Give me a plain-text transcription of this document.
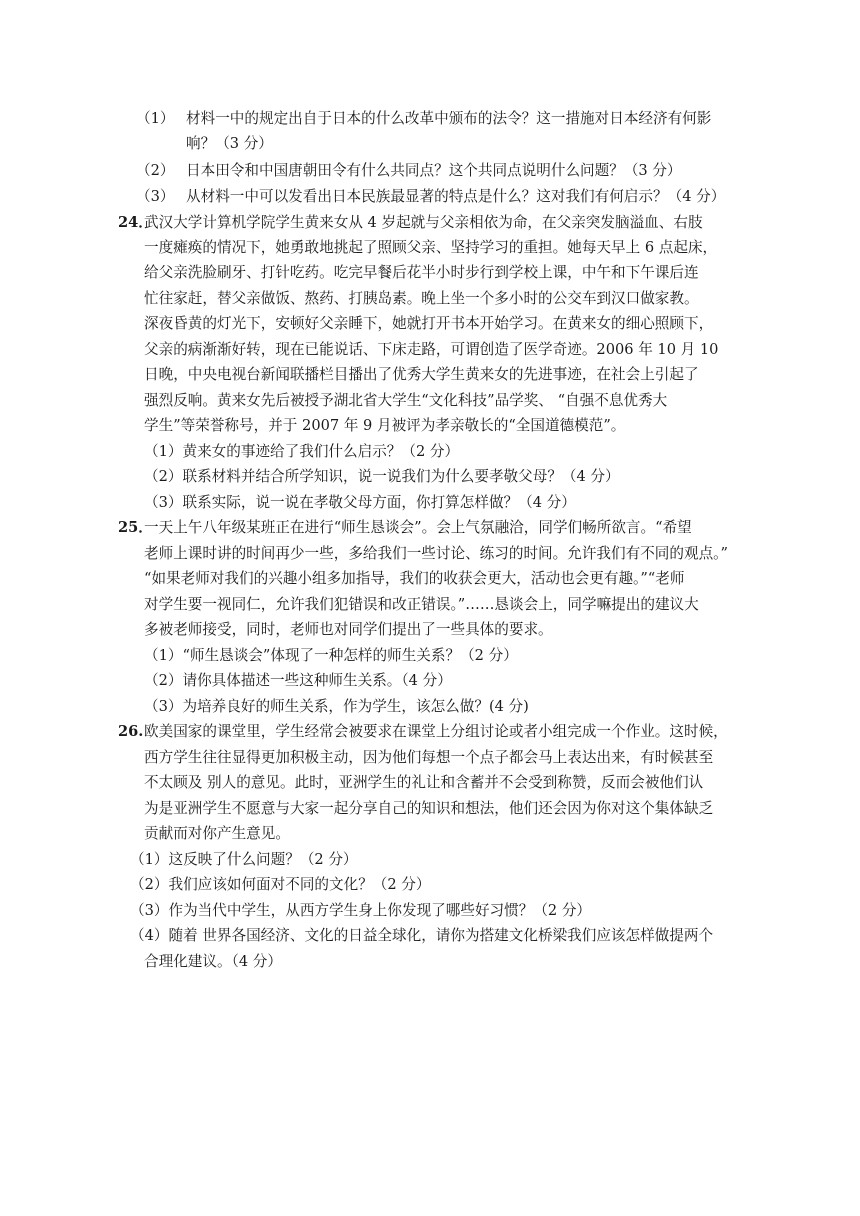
（1） 材料一中的规定出自于日本的什么改革中颁布的法令？这一措施对日本经济有何影
响？（3 分）
（2） 日本田令和中国唐朝田令有什么共同点？这个共同点说明什么问题？（3 分）
（3） 从材料一中可以发看出日本民族最显著的特点是什么？这对我们有何启示？（4 分）
24．
武汉大学计算机学院学生黄来女从 4 岁起就与父亲相依为命，在父亲突发脑溢血、右肢
一度瘫痪的情况下，她勇敢地挑起了照顾父亲、坚持学习的重担。她每天早上 6 点起床，
给父亲洗脸刷牙、打针吃药。吃完早餐后花半小时步行到学校上课，中午和下午课后连
忙往家赶，替父亲做饭、熬药、打胰岛素。晚上坐一个多小时的公交车到汉口做家教。
深夜昏黄的灯光下，安顿好父亲睡下，她就打开书本开始学习。在黄来女的细心照顾下，
父亲的病渐渐好转，现在已能说话、下床走路，可谓创造了医学奇迹。2006 年 10 月 10
日晚，中央电视台新闻联播栏目播出了优秀大学生黄来女的先进事迹，在社会上引起了
强烈反响。黄来女先后被授予湖北省大学生“文化科技”品学奖、 “自强不息优秀大
学生”等荣誉称号，并于 2007 年 9 月被评为孝亲敬长的“全国道德模范”。
（1）黄来女的事迹给了我们什么启示？（2 分）
（2）联系材料并结合所学知识，说一说我们为什么要孝敬父母？（4 分）
（3）联系实际，说一说在孝敬父母方面，你打算怎样做？（4 分）
25．
一天上午八年级某班正在进行“师生恳谈会”。会上气氛融洽，同学们畅所欲言。“希望
老师上课时讲的时间再少一些，多给我们一些讨论、练习的时间。允许我们有不同的观点。”
“如果老师对我们的兴趣小组多加指导，我们的收获会更大，活动也会更有趣。”“老师
对学生要一视同仁，允许我们犯错误和改正错误。”……恳谈会上，同学嘛提出的建议大
多被老师接受，同时，老师也对同学们提出了一些具体的要求。
（1）“师生恳谈会”体现了一种怎样的师生关系？（2 分）
（2）请你具体描述一些这种师生关系。（4 分）
（3）为培养良好的师生关系，作为学生，该怎么做？(4 分)
26. 欧美国家的课堂里，学生经常会被要求在课堂上分组讨论或者小组完成一个作业。这时候，
西方学生往往显得更加积极主动，因为他们每想一个点子都会马上表达出来，有时候甚至
不太顾及 别人的意见。此时，亚洲学生的礼让和含蓄并不会受到称赞，反而会被他们认
为是亚洲学生不愿意与大家一起分享自己的知识和想法，他们还会因为你对这个集体缺乏
贡献而对你产生意见。
（1）这反映了什么问题？（2 分）
（2）我们应该如何面对不同的文化？（2 分）
（3）作为当代中学生，从西方学生身上你发现了哪些好习惯？（2 分）
（4）随着 世界各国经济、文化的日益全球化，请你为搭建文化桥梁我们应该怎样做提两个
合理化建议。（4 分）
